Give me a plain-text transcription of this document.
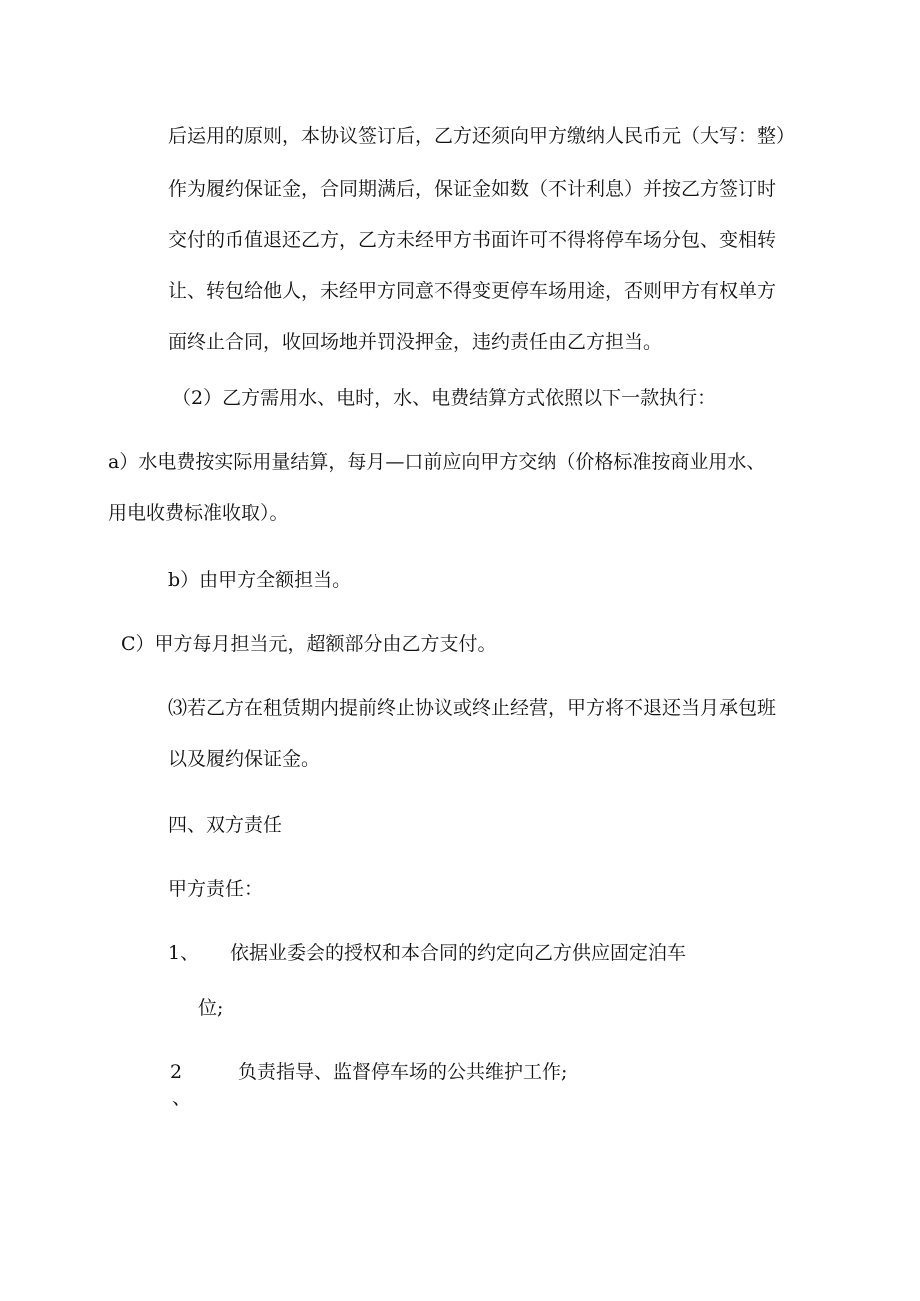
后运用的原则，本协议签订后，乙方还须向甲方缴纳人民币元（大写：整）
作为履约保证金，合同期满后，保证金如数（不计利息）并按乙方签订时
交付的币值退还乙方，乙方未经甲方书面许可不得将停车场分包、变相转
让、转包给他人，未经甲方同意不得变更停车场用途，否则甲方有权单方
面终止合同，收回场地并罚没押金，违约责任由乙方担当。
（2）乙方需用水、电时，水、电费结算方式依照以下一款执行：
a）水电费按实际用量结算，每月—口前应向甲方交纳（价格标准按商业用水、
用电收费标准收取）。
b）由甲方全额担当。
C）甲方每月担当元，超额部分由乙方支付。
⑶若乙方在租赁期内提前终止协议或终止经营，甲方将不退还当月承包班
以及履约保证金。
四、双方责任
甲方责任：
1、 依据业委会的授权和本合同的约定向乙方供应固定泊车
位;
2	负责指导、监督停车场的公共维护工作;
、
